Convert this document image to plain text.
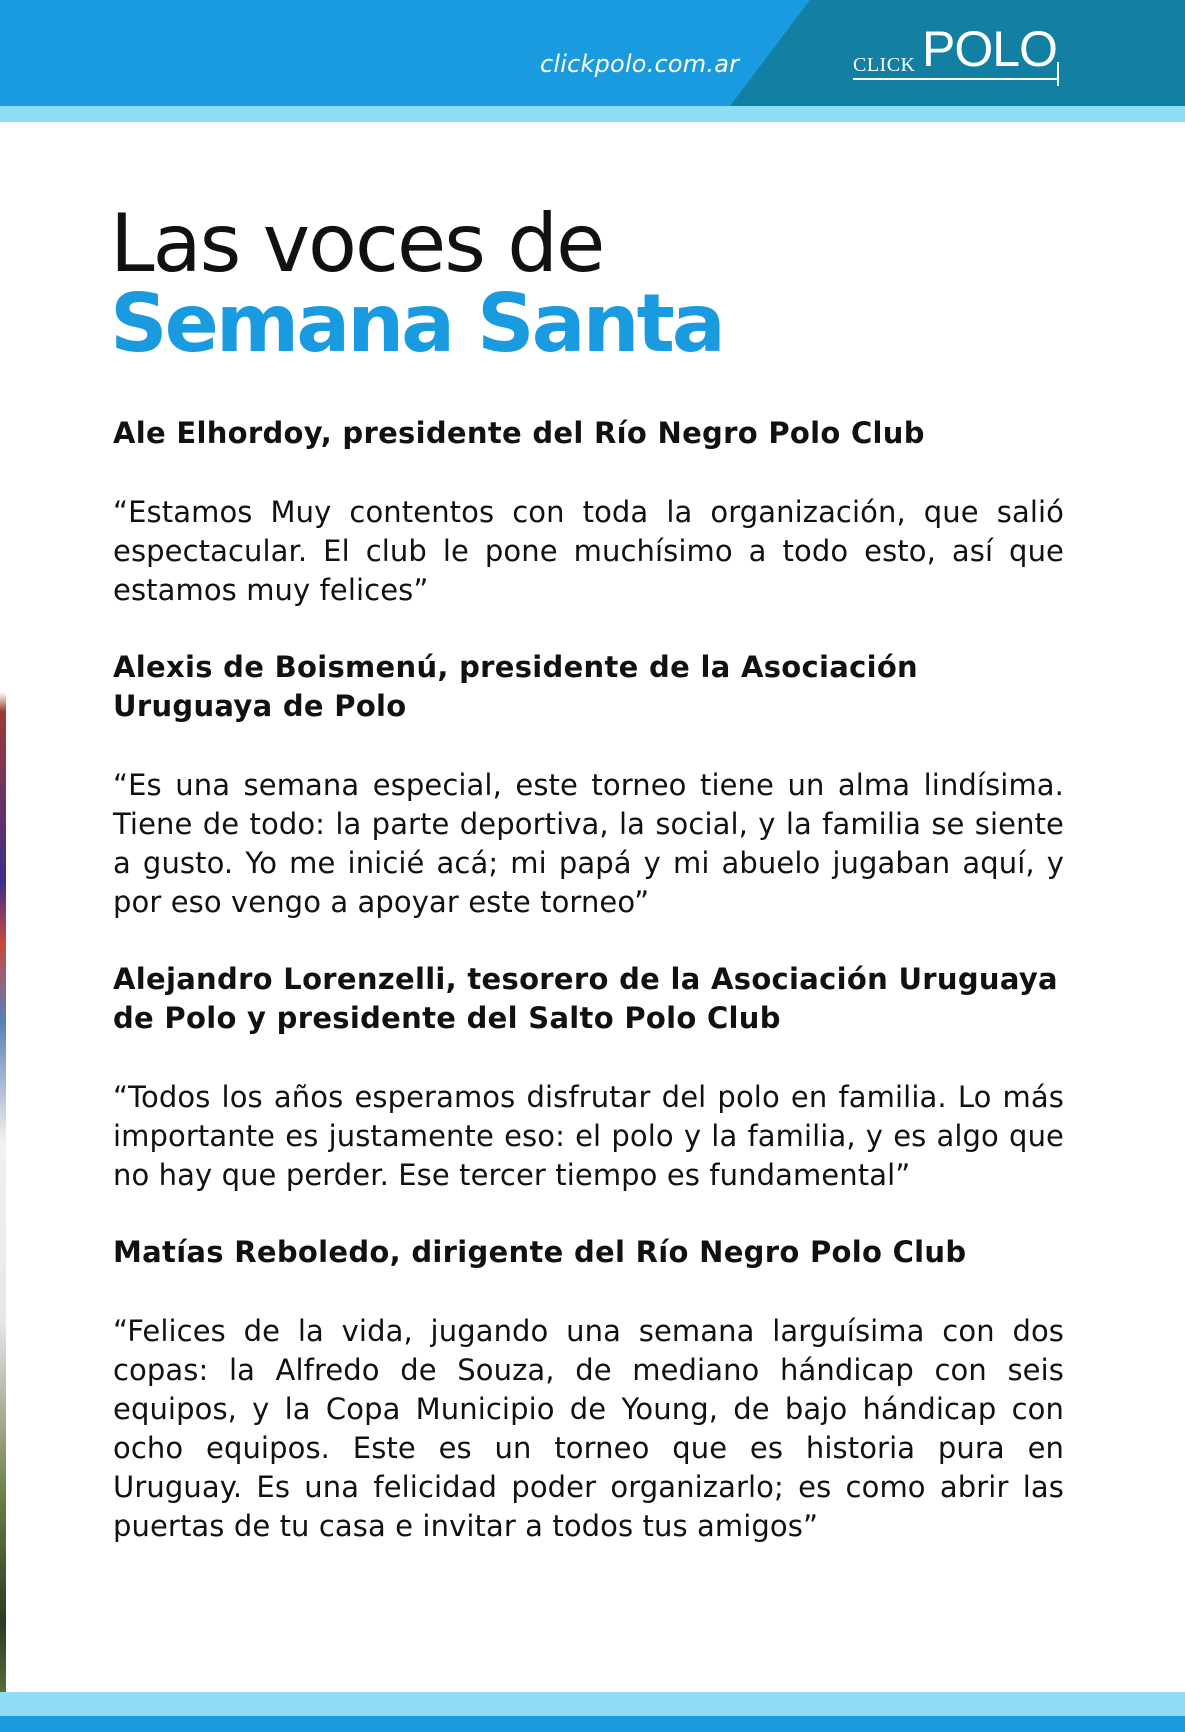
clickpolo.com.ar	CLICK POLO
Las voces de
Semana Santa
Ale Elhordoy, presidente del Río Negro Polo Club

“Estamos Muy contentos con toda la organización, que salió espectacular. El club le pone muchísimo a todo esto, así que estamos muy felices”

Alexis de Boismenú, presidente de la Asociación Uruguaya de Polo

“Es una semana especial, este torneo tiene un alma lindísima. Tiene de todo: la parte deportiva, la social, y la familia se siente a gusto. Yo me inicié acá; mi papá y mi abuelo jugaban aquí, y por eso vengo a apoyar este torneo”

Alejandro Lorenzelli, tesorero de la Asociación Uruguaya de Polo y presidente del Salto Polo Club

“Todos los años esperamos disfrutar del polo en familia. Lo más importante es justamente eso: el polo y la familia, y es algo que no hay que perder. Ese tercer tiempo es fundamental”

Matías Reboledo, dirigente del Río Negro Polo Club

“Felices de la vida, jugando una semana larguísima con dos copas: la Alfredo de Souza, de mediano hándicap con seis equipos, y la Copa Municipio de Young, de bajo hándicap con ocho equipos. Este es un torneo que es historia pura en Uruguay. Es una felicidad poder organizarlo; es como abrir las puertas de tu casa e invitar a todos tus amigos”
